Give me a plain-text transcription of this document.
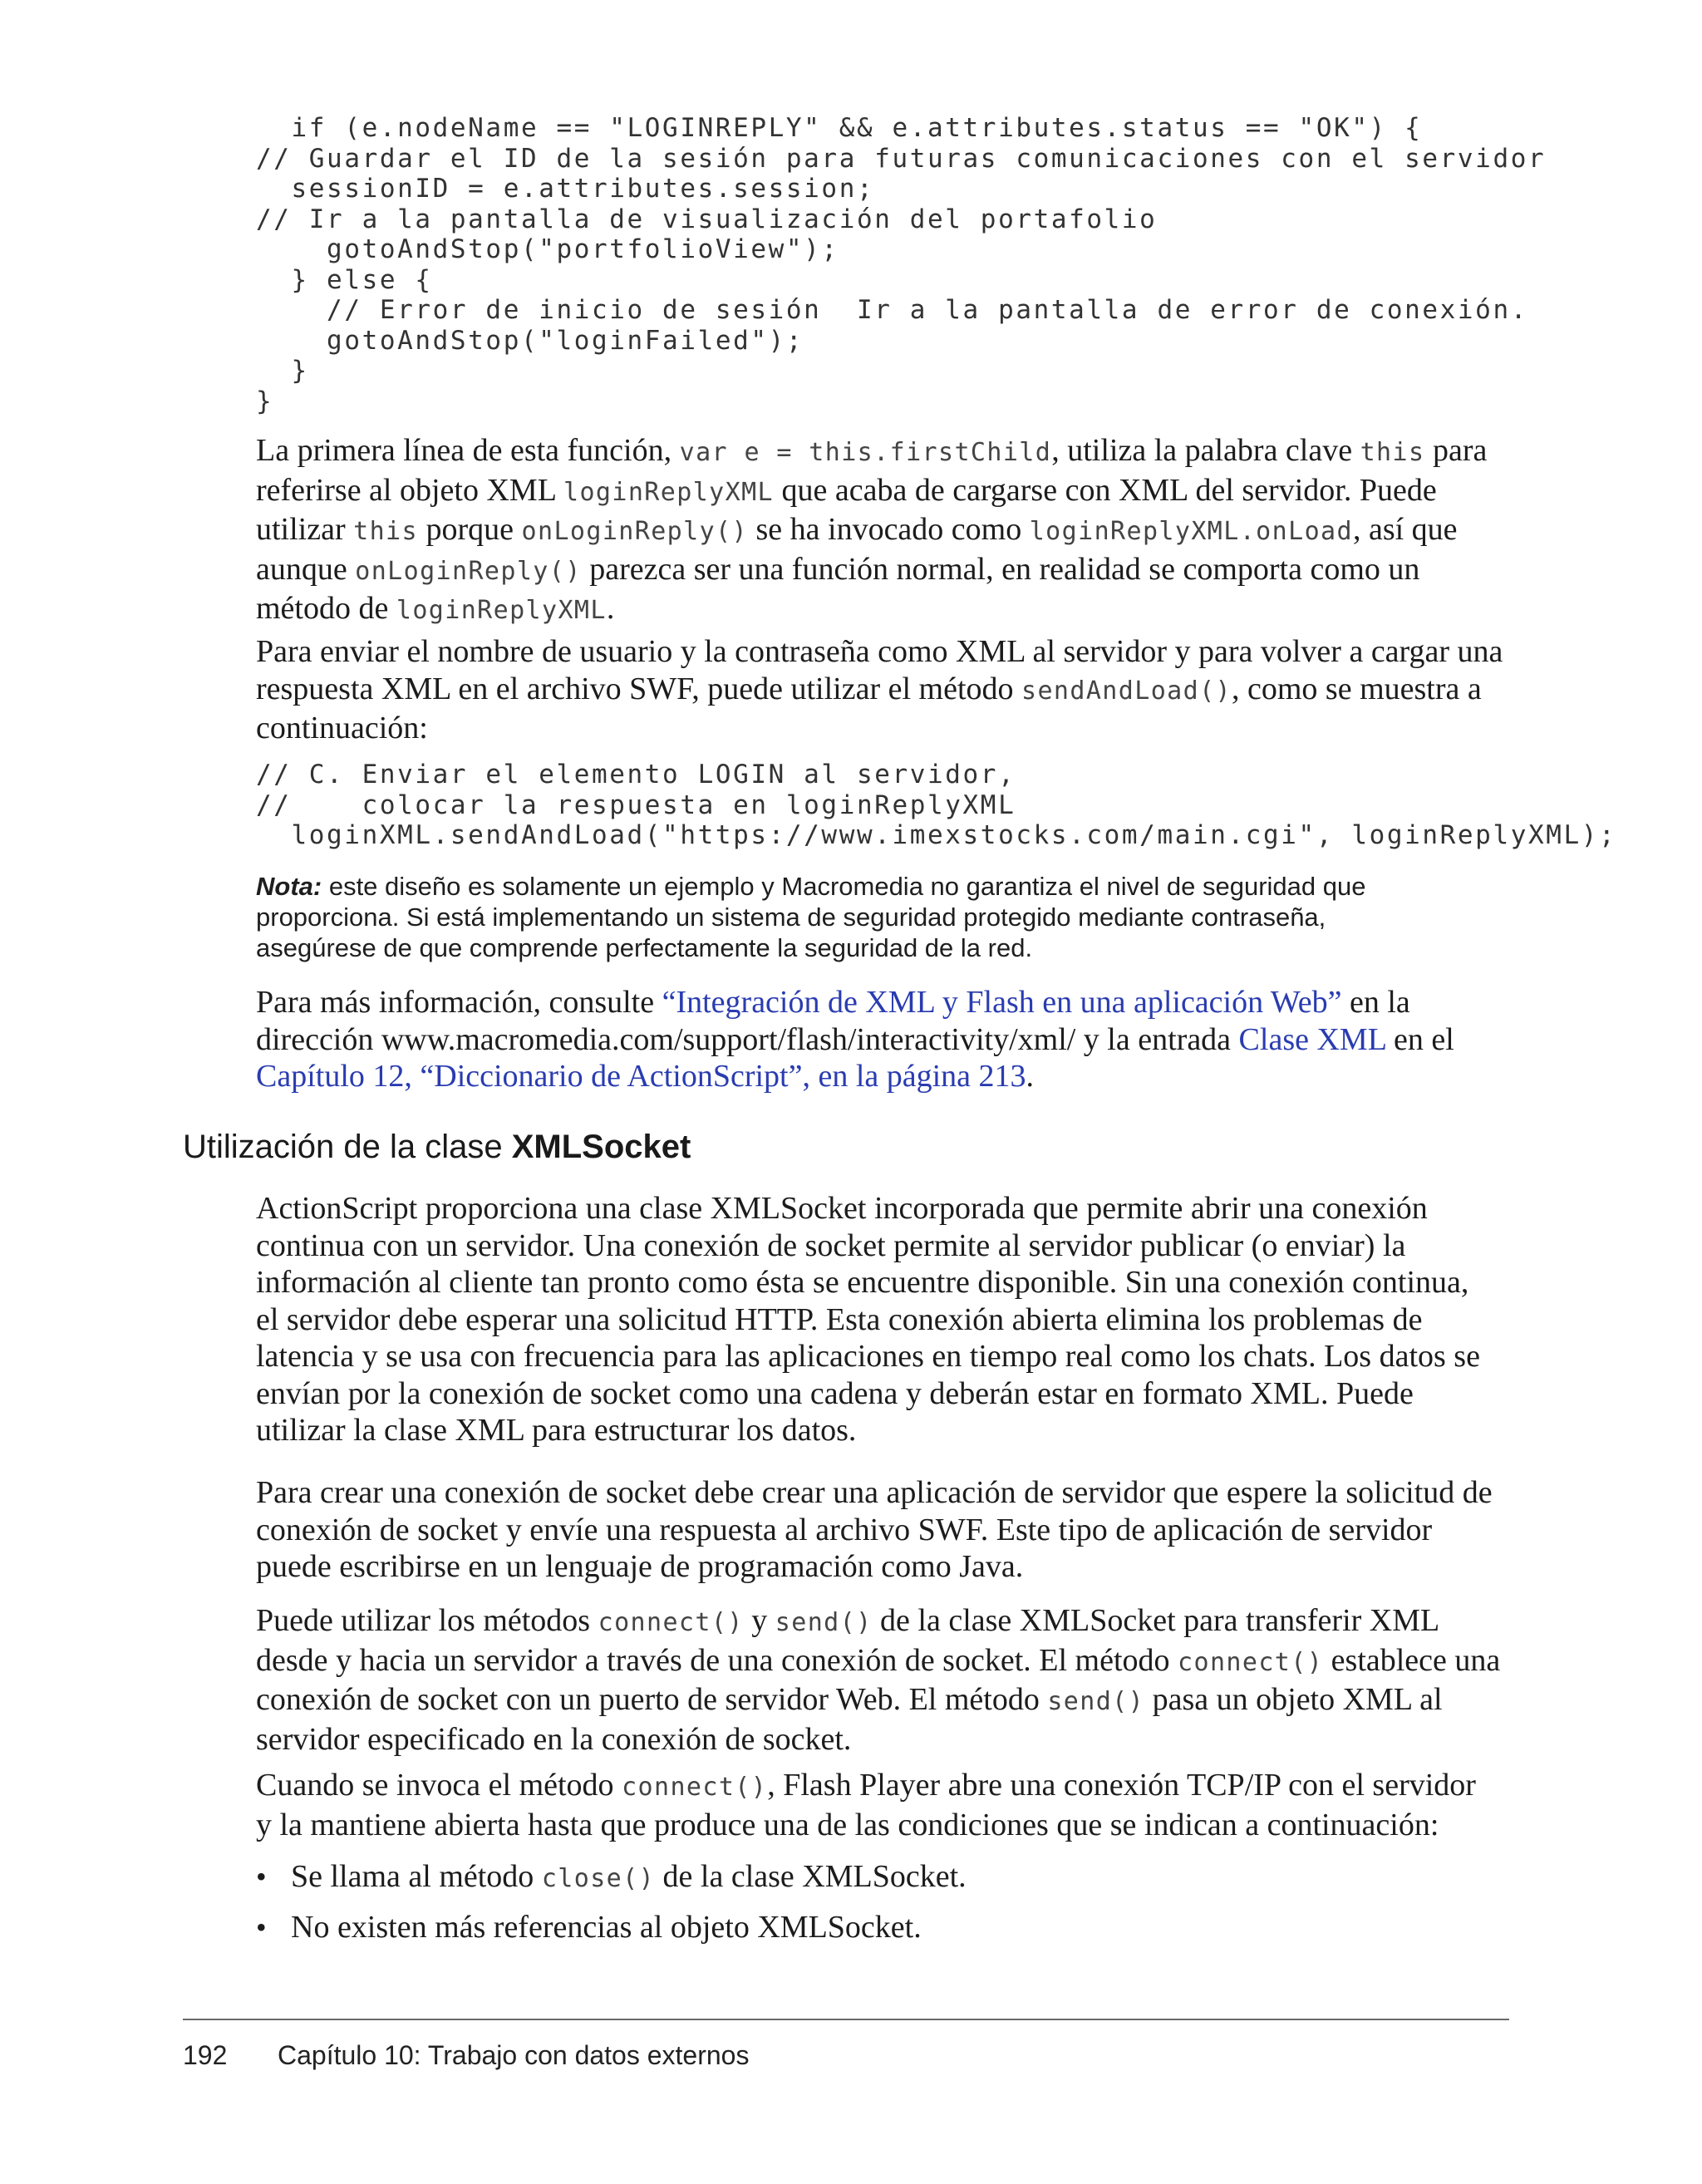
if (e.nodeName == "LOGINREPLY" && e.attributes.status == "OK") {
// Guardar el ID de la sesión para futuras comunicaciones con el servidor
sessionID = e.attributes.session;
// Ir a la pantalla de visualización del portafolio
gotoAndStop("portfolioView");
} else {
// Error de inicio de sesión  Ir a la pantalla de error de conexión.
gotoAndStop("loginFailed");
}
}

La primera línea de esta función, var e = this.firstChild, utiliza la palabra clave this para
referirse al objeto XML loginReplyXML que acaba de cargarse con XML del servidor. Puede
utilizar this porque onLoginReply() se ha invocado como loginReplyXML.onLoad, así que
aunque onLoginReply() parezca ser una función normal, en realidad se comporta como un
método de loginReplyXML.

Para enviar el nombre de usuario y la contraseña como XML al servidor y para volver a cargar una
respuesta XML en el archivo SWF, puede utilizar el método sendAndLoad(), como se muestra a
continuación:

// C. Enviar el elemento LOGIN al servidor,
//    colocar la respuesta en loginReplyXML
loginXML.sendAndLoad("https://www.imexstocks.com/main.cgi", loginReplyXML);

Nota: este diseño es solamente un ejemplo y Macromedia no garantiza el nivel de seguridad que
proporciona. Si está implementando un sistema de seguridad protegido mediante contraseña,
asegúrese de que comprende perfectamente la seguridad de la red.

Para más información, consulte “Integración de XML y Flash en una aplicación Web” en la
dirección www.macromedia.com/support/flash/interactivity/xml/ y la entrada Clase XML en el
Capítulo 12, “Diccionario de ActionScript”, en la página 213.

Utilización de la clase XMLSocket

ActionScript proporciona una clase XMLSocket incorporada que permite abrir una conexión
continua con un servidor. Una conexión de socket permite al servidor publicar (o enviar) la
información al cliente tan pronto como ésta se encuentre disponible. Sin una conexión continua,
el servidor debe esperar una solicitud HTTP. Esta conexión abierta elimina los problemas de
latencia y se usa con frecuencia para las aplicaciones en tiempo real como los chats. Los datos se
envían por la conexión de socket como una cadena y deberán estar en formato XML. Puede
utilizar la clase XML para estructurar los datos.

Para crear una conexión de socket debe crear una aplicación de servidor que espere la solicitud de
conexión de socket y envíe una respuesta al archivo SWF. Este tipo de aplicación de servidor
puede escribirse en un lenguaje de programación como Java.

Puede utilizar los métodos connect() y send() de la clase XMLSocket para transferir XML
desde y hacia un servidor a través de una conexión de socket. El método connect() establece una
conexión de socket con un puerto de servidor Web. El método send() pasa un objeto XML al
servidor especificado en la conexión de socket.

Cuando se invoca el método connect(), Flash Player abre una conexión TCP/IP con el servidor
y la mantiene abierta hasta que produce una de las condiciones que se indican a continuación:

• Se llama al método close() de la clase XMLSocket.
• No existen más referencias al objeto XMLSocket.
192 Capítulo 10: Trabajo con datos externos
